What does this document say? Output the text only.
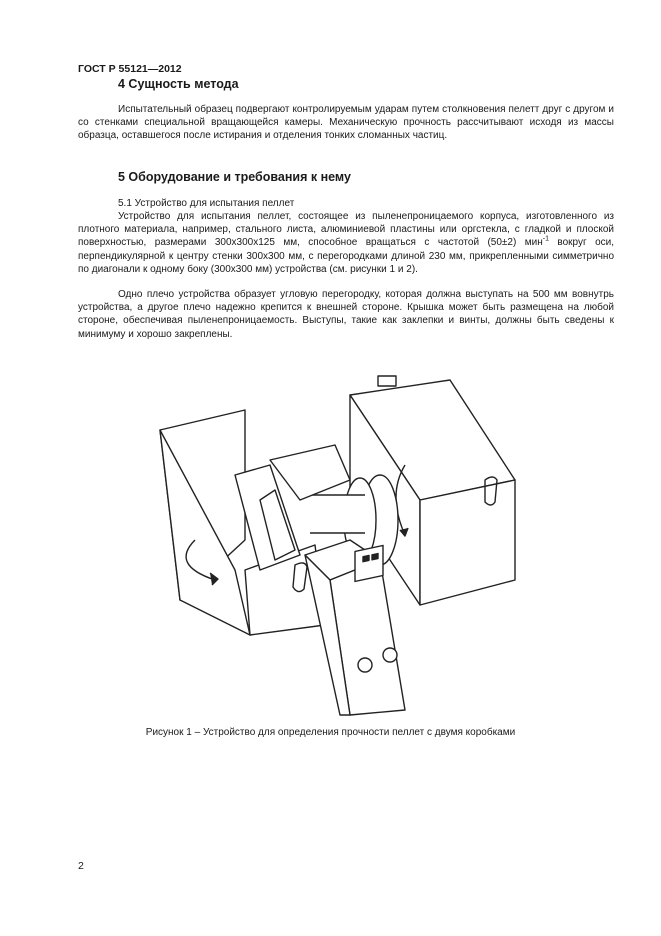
ГОСТ Р 55121—2012
4 Сущность метода

Испытательный образец подвергают контролируемым ударам путем столкновения пелетт друг с другом и со стенками специальной вращающейся камеры. Механическую прочность рассчитывают исходя из массы образца, оставшегося после истирания и отделения тонких сломанных частиц.

5 Оборудование и требования к нему

5.1 Устройство для испытания пеллет

Устройство для испытания пеллет, состоящее из пыленепроницаемого корпуса, изготовленного из плотного материала, например, стального листа, алюминиевой пластины или оргстекла, с гладкой и плоской поверхностью, размерами 300х300х125 мм, способное вращаться с частотой (50±2) мин$^{-1}$ вокруг оси, перпендикулярной к центру стенки 300х300 мм, с перегородками длиной 230 мм, прикрепленными симметрично по диагонали к одному боку (300х300 мм) устройства (см. рисунки 1 и 2).

Одно плечо устройства образует угловую перегородку, которая должна выступать на 500 мм вовнутрь устройства, а другое плечо надежно крепится к внешней стороне. Крышка может быть размещена на любой стороне, обеспечивая пыленепроницаемость. Выступы, такие как заклепки и винты, должны быть сведены к минимуму и хорошо закреплены.

Рисунок 1 – Устройство для определения прочности пеллет с двумя коробками
2
